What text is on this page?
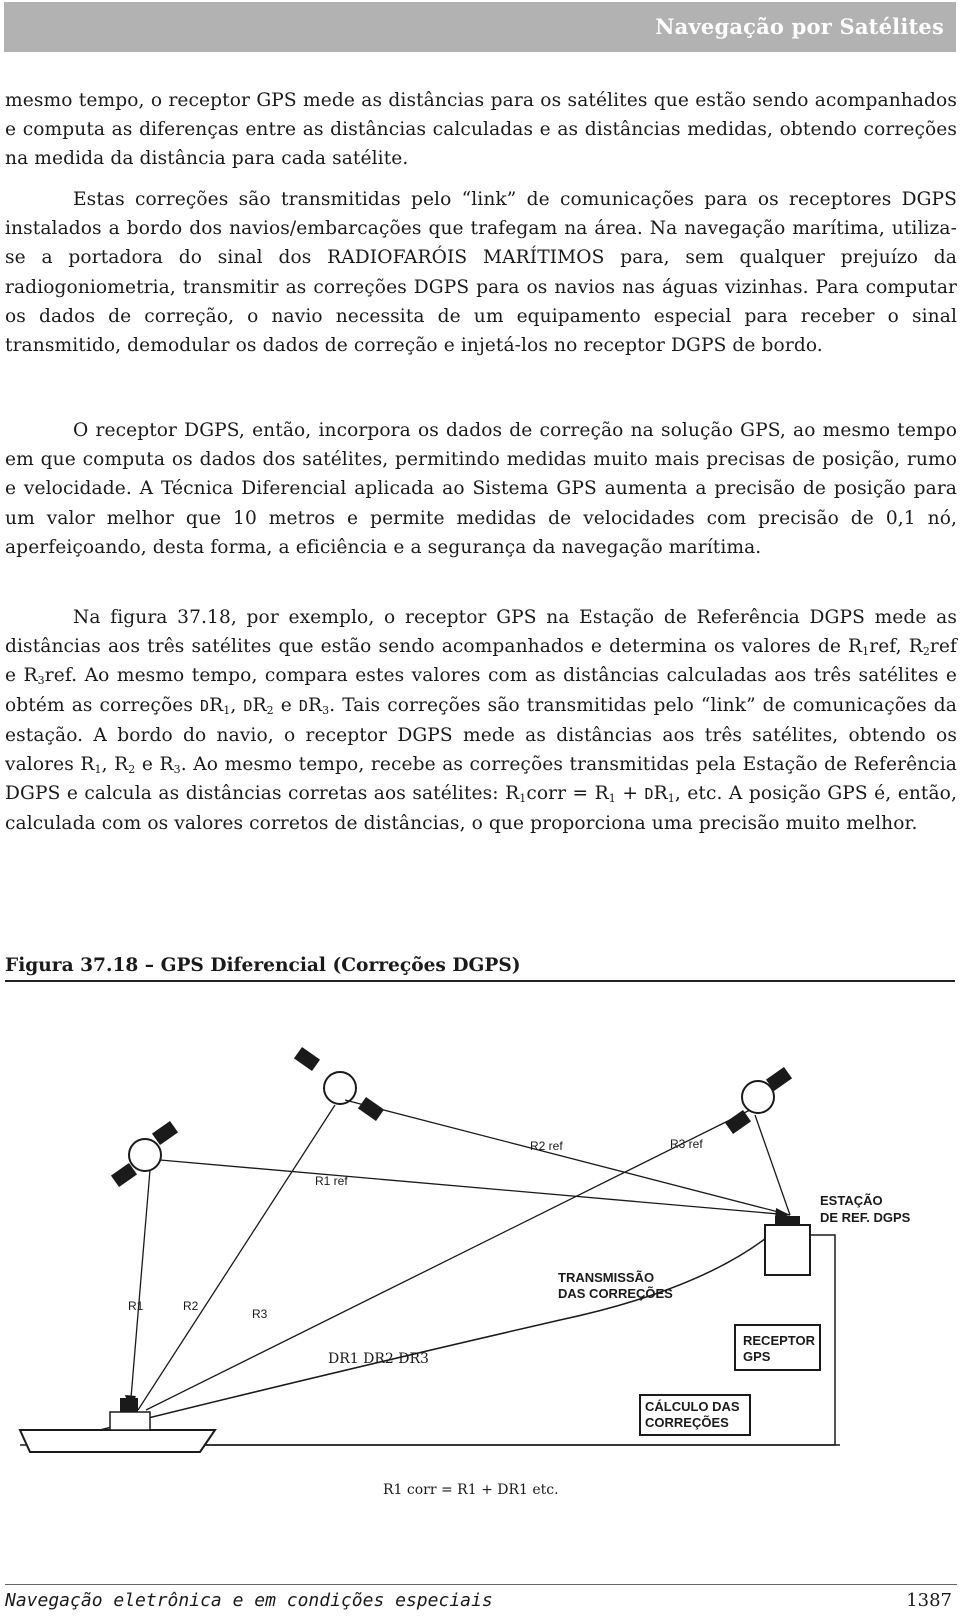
Navegação por Satélites

mesmo tempo, o receptor GPS mede as distâncias para os satélites que estão sendo acompanhados e computa as diferenças entre as distâncias calculadas e as distâncias medidas, obtendo correções na medida da distância para cada satélite.

Estas correções são transmitidas pelo “link” de comunicações para os receptores DGPS instalados a bordo dos navios/embarcações que trafegam na área. Na navegação marítima, utiliza-se a portadora do sinal dos RADIOFARÓIS MARÍTIMOS para, sem qualquer prejuízo da radiogoniometria, transmitir as correções DGPS para os navios nas águas vizinhas. Para computar os dados de correção, o navio necessita de um equipamento especial para receber o sinal transmitido, demodular os dados de correção e injetá-los no receptor DGPS de bordo.

O receptor DGPS, então, incorpora os dados de correção na solução GPS, ao mesmo tempo em que computa os dados dos satélites, permitindo medidas muito mais precisas de posição, rumo e velocidade. A Técnica Diferencial aplicada ao Sistema GPS aumenta a precisão de posição para um valor melhor que 10 metros e permite medidas de velocidades com precisão de 0,1 nó, aperfeiçoando, desta forma, a eficiência e a segurança da navegação marítima.

Na figura 37.18, por exemplo, o receptor GPS na Estação de Referência DGPS mede as distâncias aos três satélites que estão sendo acompanhados e determina os valores de $R_1ref$, $R_2ref$ e $R_3ref$. Ao mesmo tempo, compara estes valores com as distâncias calculadas aos três satélites e obtém as correções $DR_1$, $DR_2$ e $DR_3$. Tais correções são transmitidas pelo “link” de comunicações da estação. A bordo do navio, o receptor DGPS mede as distâncias aos três satélites, obtendo os valores $R_1$, $R_2$ e $R_3$. Ao mesmo tempo, recebe as correções transmitidas pela Estação de Referência DGPS e calcula as distâncias corretas aos satélites: $R_1corr = R_1 + DR_1$, etc. A posição GPS é, então, calculada com os valores corretos de distâncias, o que proporciona uma precisão muito melhor.

Figura 37.18 – GPS Diferencial (Correções DGPS)
R1 ref
R2 ref	R3 ref
R1	R2
R3
ESTAÇÃO
DE REF. DGPS
TRANSMISSÃO
DAS CORREÇÕES
RECEPTOR
GPS
CÁLCULO DAS
CORREÇÕES
DR1 DR2 DR3
R1 corr = R1 + DR1 etc.
Navegação eletrônica e em condições especiais	1387
